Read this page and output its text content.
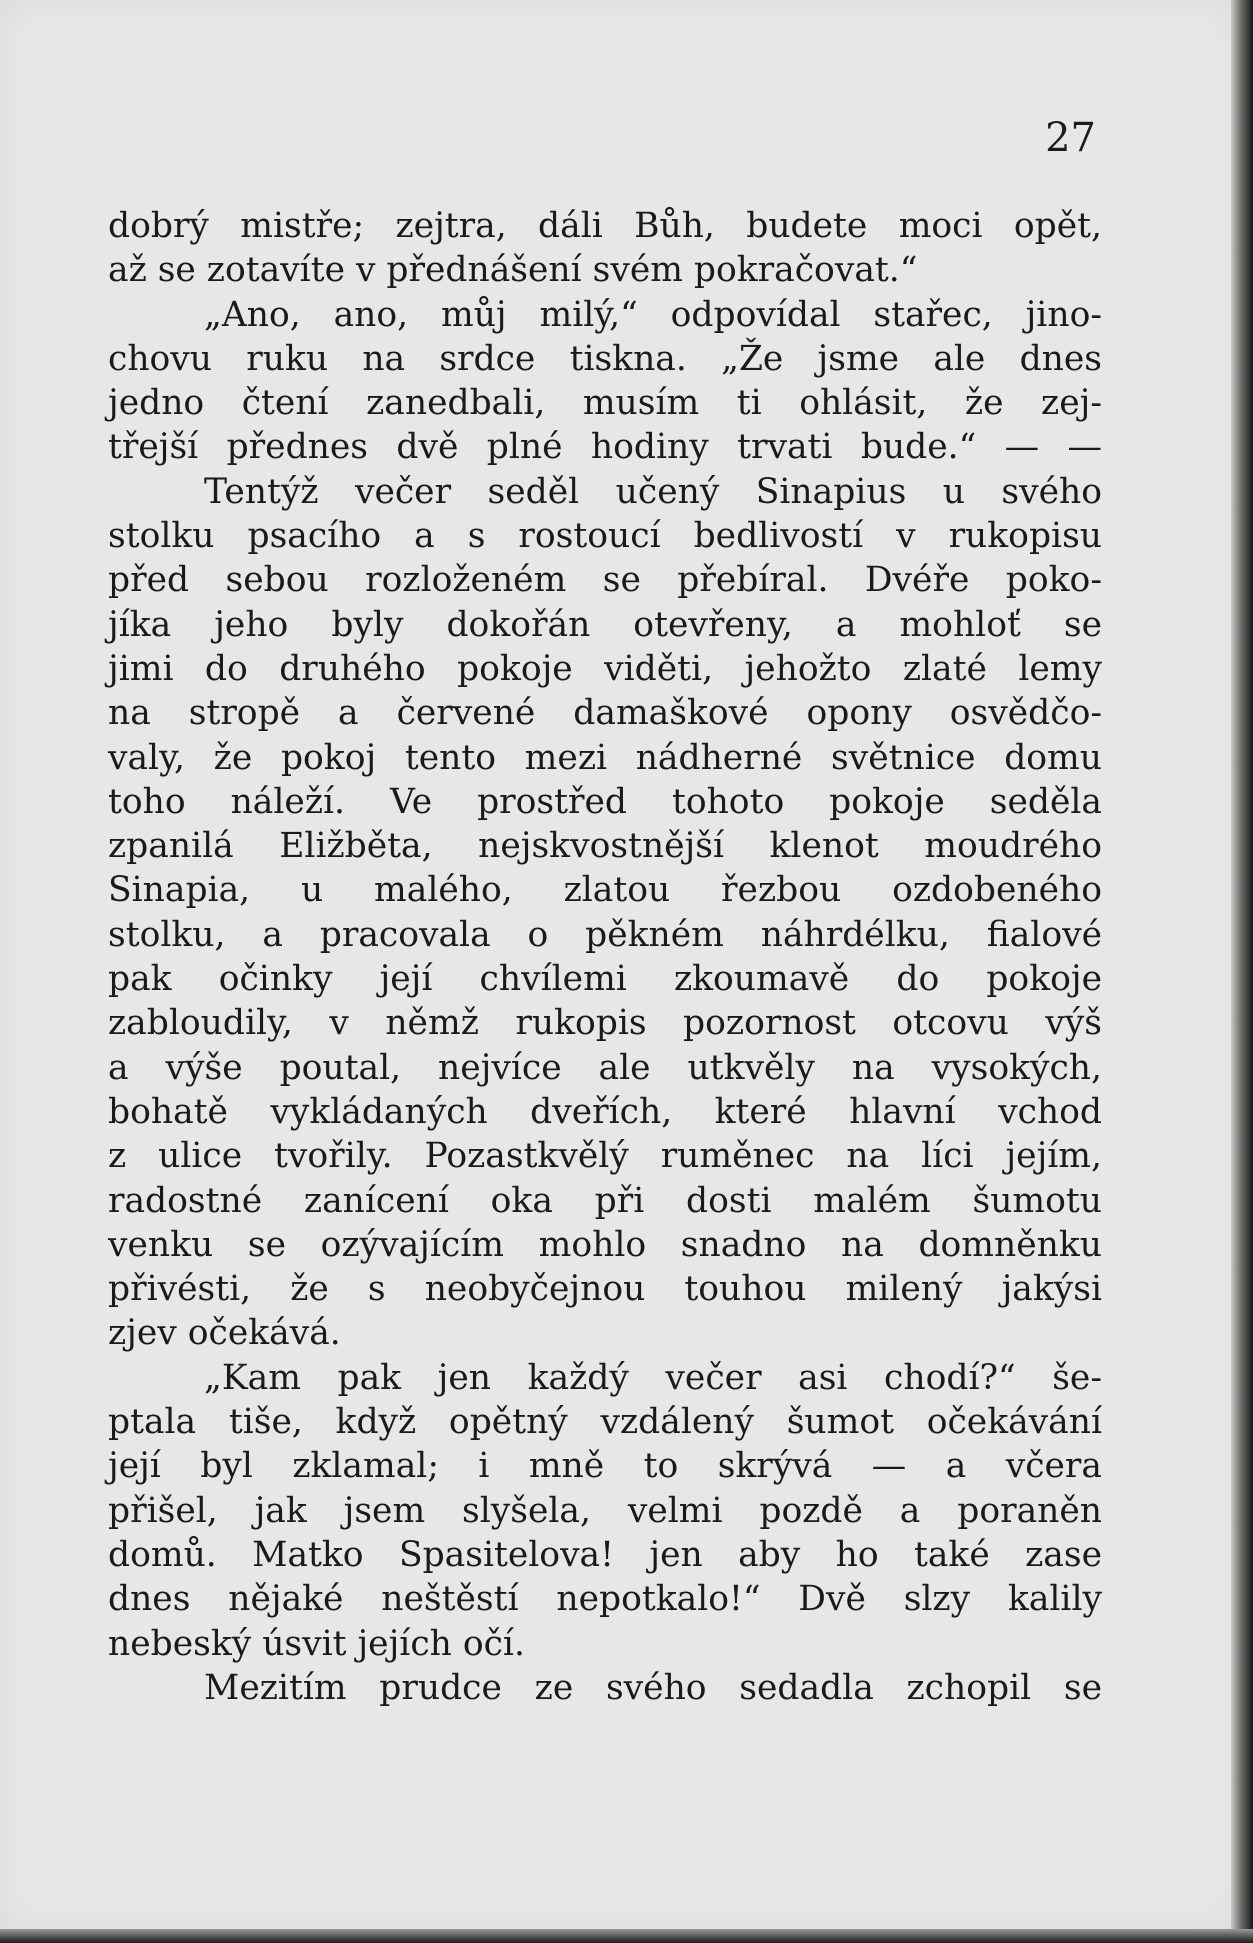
27
dobrý mistře; zejtra, dáli Bůh, budete moci opět,
až se zotavíte v přednášení svém pokračovat.“
„Ano, ano, můj milý,“ odpovídal stařec, jino-
chovu ruku na srdce tiskna. „Že jsme ale dnes
jedno čtení zanedbali, musím ti ohlásit, že zej-
třejší přednes dvě plné hodiny trvati bude.“ — —
Tentýž večer seděl učený Sinapius u svého
stolku psacího a s rostoucí bedlivostí v rukopisu
před sebou rozloženém se přebíral. Dvéře poko-
jíka jeho byly dokořán otevřeny, a mohloť se
jimi do druhého pokoje viděti, jehožto zlaté lemy
na stropě a červené damaškové opony osvědčo-
valy, že pokoj tento mezi nádherné světnice domu
toho náleží. Ve prostřed tohoto pokoje seděla
zpanilá Eližběta, nejskvostnější klenot moudrého
Sinapia, u malého, zlatou řezbou ozdobeného
stolku, a pracovala o pěkném náhrdélku, fialové
pak očinky její chvílemi zkoumavě do pokoje
zabloudily, v němž rukopis pozornost otcovu výš
a výše poutal, nejvíce ale utkvěly na vysokých,
bohatě vykládaných dveřích, které hlavní vchod
z ulice tvořily. Pozastkvělý ruměnec na líci jejím,
radostné zanícení oka při dosti malém šumotu
venku se ozývajícím mohlo snadno na domněnku
přivésti, že s neobyčejnou touhou milený jakýsi
zjev očekává.
„Kam pak jen každý večer asi chodí?“ še-
ptala tiše, když opětný vzdálený šumot očekávání
její byl zklamal; i mně to skrývá — a včera
přišel, jak jsem slyšela, velmi pozdě a poraněn
domů. Matko Spasitelova! jen aby ho také zase
dnes nějaké neštěstí nepotkalo!“ Dvě slzy kalily
nebeský úsvit jejích očí.
Mezitím prudce ze svého sedadla zchopil se
